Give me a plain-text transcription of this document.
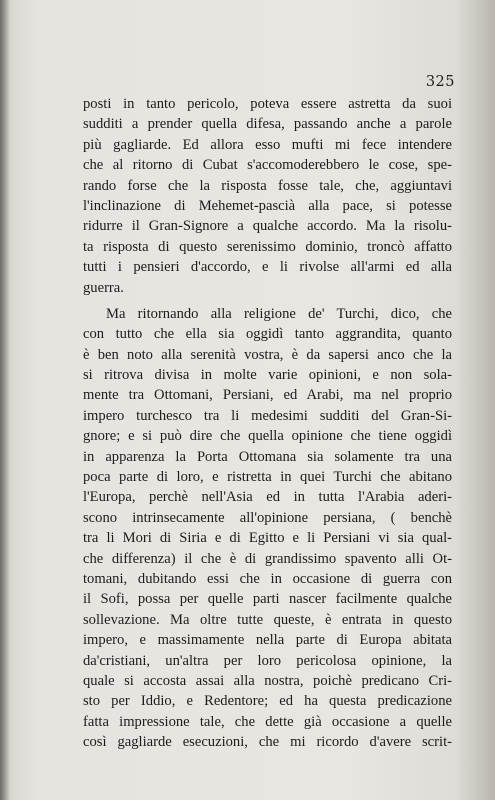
325
posti in tanto pericolo, poteva essere astretta da suoi
sudditi a prender quella difesa, passando anche a parole
più gagliarde. Ed allora esso mufti mi fece intendere
che al ritorno di Cubat s'accomoderebbero le cose, spe-
rando forse che la risposta fosse tale, che, aggiuntavi
l'inclinazione di Mehemet-pascià alla pace, si potesse
ridurre il Gran-Signore a qualche accordo. Ma la risolu-
ta risposta di questo serenissimo dominio, troncò affatto
tutti i pensieri d'accordo, e li rivolse all'armi ed alla
guerra.
Ma ritornando alla religione de' Turchi, dico, che
con tutto che ella sia oggidì tanto aggrandita, quanto
è ben noto alla serenità vostra, è da sapersi anco che la
si ritrova divisa in molte varie opinioni, e non sola-
mente tra Ottomani, Persiani, ed Arabi, ma nel proprio
impero turchesco tra li medesimi sudditi del Gran-Si-
gnore; e si può dire che quella opinione che tiene oggidì
in apparenza la Porta Ottomana sia solamente tra una
poca parte di loro, e ristretta in quei Turchi che abitano
l'Europa, perchè nell'Asia ed in tutta l'Arabia aderi-
scono intrinsecamente all'opinione persiana, ( benchè
tra li Mori di Siria e di Egitto e li Persiani vi sia qual-
che differenza) il che è di grandissimo spavento alli Ot-
tomani, dubitando essi che in occasione di guerra con
il Sofi, possa per quelle parti nascer facilmente qualche
sollevazione. Ma oltre tutte queste, è entrata in questo
impero, e massimamente nella parte di Europa abitata
da'cristiani, un'altra per loro pericolosa opinione, la
quale si accosta assai alla nostra, poichè predicano Cri-
sto per Iddio, e Redentore; ed ha questa predicazione
fatta impressione tale, che dette già occasione a quelle
così gagliarde esecuzioni, che mi ricordo d'avere scrit-
